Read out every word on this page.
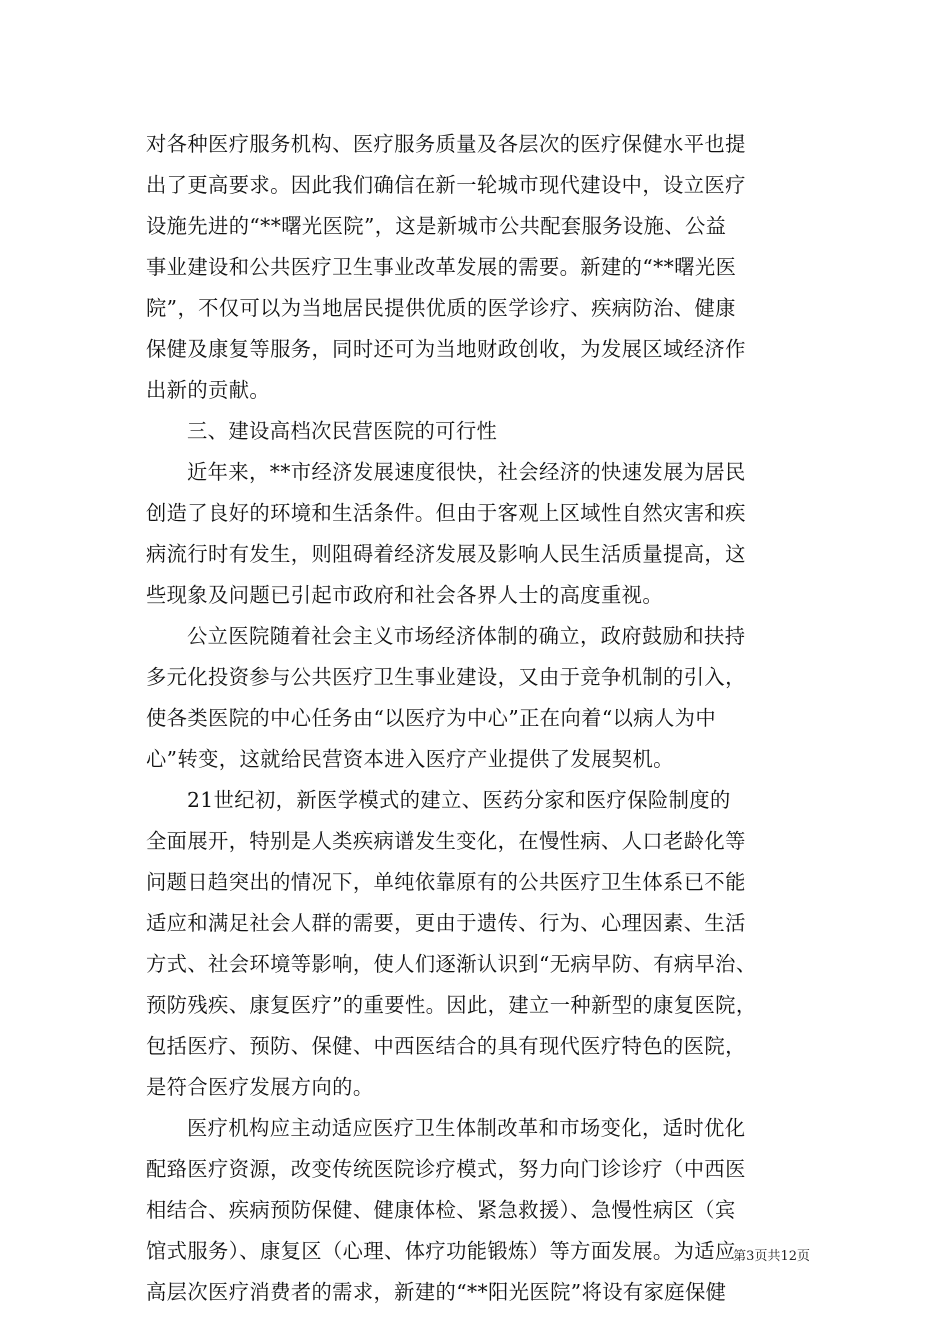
对各种医疗服务机构、医疗服务质量及各层次的医疗保健水平也提
出了更高要求。因此我们确信在新一轮城市现代建设中，设立医疗
设施先进的“**曙光医院”，这是新城市公共配套服务设施、公益
事业建设和公共医疗卫生事业改革发展的需要。新建的“**曙光医
院”，不仅可以为当地居民提供优质的医学诊疗、疾病防治、健康
保健及康复等服务，同时还可为当地财政创收，为发展区域经济作
出新的贡献。
三、建设高档次民营医院的可行性
近年来，**市经济发展速度很快，社会经济的快速发展为居民
创造了良好的环境和生活条件。但由于客观上区域性自然灾害和疾
病流行时有发生，则阻碍着经济发展及影响人民生活质量提高，这
些现象及问题已引起市政府和社会各界人士的高度重视。
公立医院随着社会主义市场经济体制的确立，政府鼓励和扶持
多元化投资参与公共医疗卫生事业建设，又由于竞争机制的引入，
使各类医院的中心任务由“以医疗为中心”正在向着“以病人为中
心”转变，这就给民营资本进入医疗产业提供了发展契机。
21世纪初，新医学模式的建立、医药分家和医疗保险制度的
全面展开，特别是人类疾病谱发生变化，在慢性病、人口老龄化等
问题日趋突出的情况下，单纯依靠原有的公共医疗卫生体系已不能
适应和满足社会人群的需要，更由于遗传、行为、心理因素、生活
方式、社会环境等影响，使人们逐渐认识到“无病早防、有病早治、
预防残疾、康复医疗”的重要性。因此，建立一种新型的康复医院，
包括医疗、预防、保健、中西医结合的具有现代医疗特色的医院，
是符合医疗发展方向的。
医疗机构应主动适应医疗卫生体制改革和市场变化，适时优化
配臵医疗资源，改变传统医院诊疗模式，努力向门诊诊疗（中西医
相结合、疾病预防保健、健康体检、紧急救援）、急慢性病区（宾
馆式服务）、康复区（心理、体疗功能锻炼）等方面发展。为适应
高层次医疗消费者的需求，新建的“**阳光医院”将设有家庭保健
第3页共12页
